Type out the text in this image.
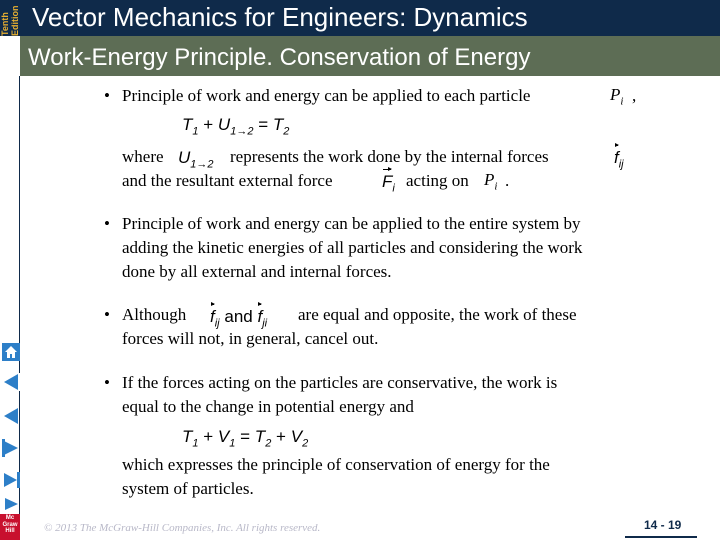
Tenth Edition Vector Mechanics for Engineers: Dynamics
Work-Energy Principle. Conservation of Energy
Mc Graw Hill
• Principle of work and energy can be applied to each particle	$P_i$ ,
$T_1 + U_{1\to 2} = T_2$
where $U_{1\to 2}$ represents the work done by the internal forces	$f_{ij}$
and the resultant external force	$F_i$ acting on $P_i$ .
• Principle of work and energy can be applied to the entire system by
adding the kinetic energies of all particles and considering the work
done by all external and internal forces.
• Although $f_{ij}$ and $f_{ji}$ are equal and opposite, the work of these
forces will not, in general, cancel out.
• If the forces acting on the particles are conservative, the work is
equal to the change in potential energy and
$T_1 + V_1 = T_2 + V_2$
which expresses the principle of conservation of energy for the
system of particles.
© 2013 The McGraw-Hill Companies, Inc. All rights reserved.	14 - 19
